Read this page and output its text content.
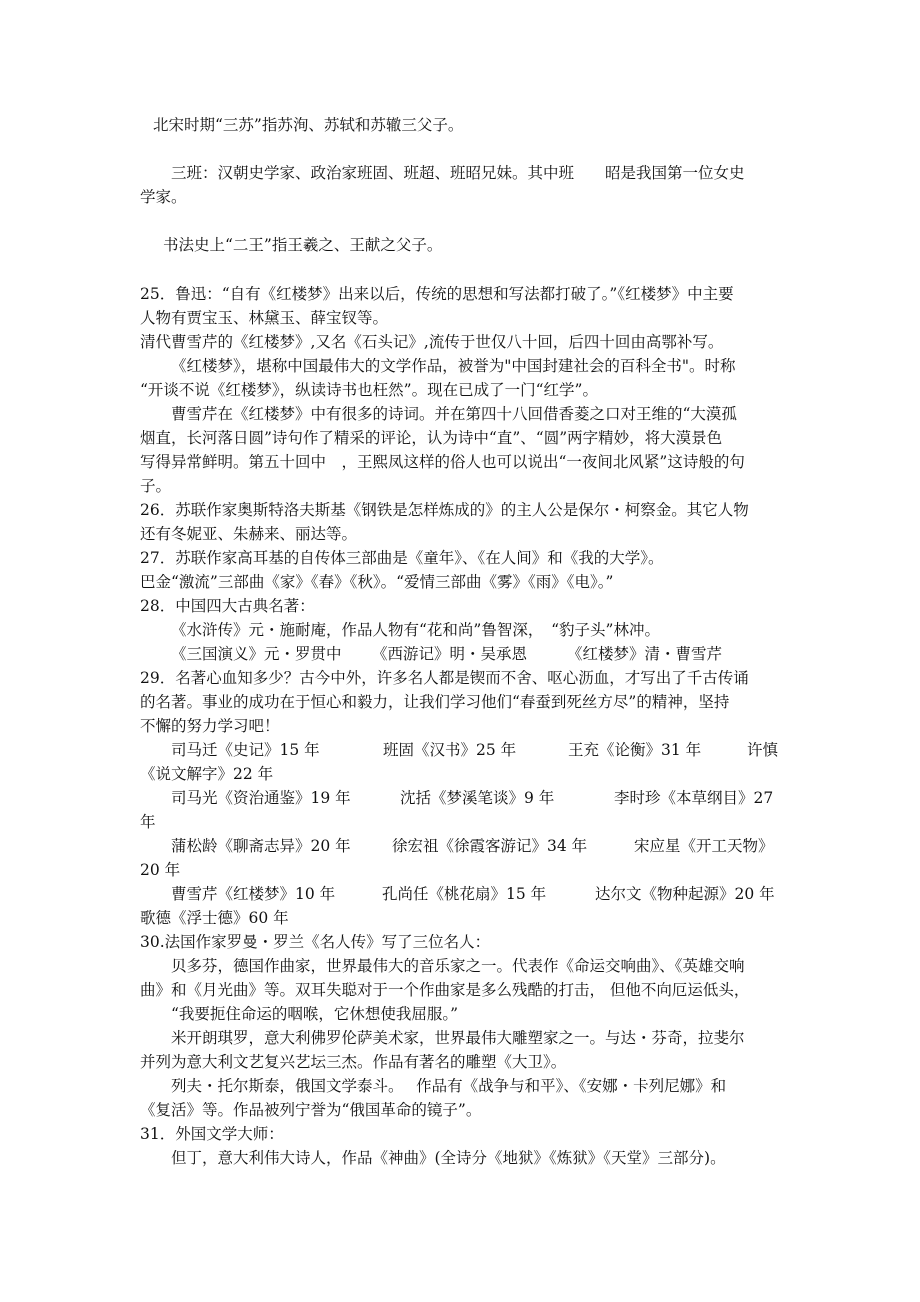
北宋时期“三苏”指苏洵、苏轼和苏辙三父子。
三班：汉朝史学家、政治家班固、班超、班昭兄妹。其中班　　昭是我国第一位女史
学家。
书法史上“二王”指王羲之、王献之父子。
25．鲁迅：“自有《红楼梦》出来以后，传统的思想和写法都打破了。”《红楼梦》中主要
人物有贾宝玉、林黛玉、薛宝钗等。
清代曹雪芹的《红楼梦》,又名《石头记》,流传于世仅八十回，后四十回由高鄂补写。
《红楼梦》，堪称中国最伟大的文学作品，被誉为"中国封建社会的百科全书"。时称
“开谈不说《红楼梦》，纵读诗书也枉然”。现在已成了一门“红学”。
曹雪芹在《红楼梦》中有很多的诗词。并在第四十八回借香菱之口对王维的“大漠孤
烟直，长河落日圆”诗句作了精采的评论，认为诗中“直”、“圆”两字精妙，将大漠景色
写得异常鲜明。第五十回中　，王熙凤这样的俗人也可以说出“一夜间北风紧”这诗般的句
子。
26．苏联作家奥斯特洛夫斯基《钢铁是怎样炼成的》的主人公是保尔・柯察金。其它人物
还有冬妮亚、朱赫来、丽达等。
27．苏联作家高耳基的自传体三部曲是《童年》、《在人间》和《我的大学》。
巴金“激流”三部曲《家》《春》《秋》。“爱情三部曲《雾》《雨》《电》。”
28．中国四大古典名著：
《水浒传》元・施耐庵，作品人物有“花和尚”鲁智深，　“豹子头”林冲。
《三国演义》元・罗贯中 《西游记》明・吴承恩	《红楼梦》清・曹雪芹
29．名著心血知多少？古今中外，许多名人都是锲而不舍、呕心沥血，才写出了千古传诵
的名著。事业的成功在于恒心和毅力，让我们学习他们“春蚕到死丝方尽”的精神，坚持
不懈的努力学习吧！
司马迁《史记》15 年	班固《汉书》25 年	王充《论衡》31 年	许慎
《说文解字》22 年
司马光《资治通鉴》19 年	沈括《梦溪笔谈》9 年	李时珍《本草纲目》27
年
蒲松龄《聊斋志异》20 年	徐宏祖《徐霞客游记》34 年	宋应星《开工天物》
20 年
曹雪芹《红楼梦》10 年	孔尚任《桃花扇》15 年	达尔文《物种起源》20 年
歌德《浮士德》60 年
30.法国作家罗曼・罗兰《名人传》写了三位名人：
贝多芬，德国作曲家，世界最伟大的音乐家之一。代表作《命运交响曲》、《英雄交响
曲》和《月光曲》等。双耳失聪对于一个作曲家是多么残酷的打击， 但他不向厄运低头，
“我要扼住命运的咽喉，它休想使我屈服。”
米开朗琪罗，意大利佛罗伦萨美术家，世界最伟大雕塑家之一。与达・芬奇，拉斐尔
并列为意大利文艺复兴艺坛三杰。作品有著名的雕塑《大卫》。
列夫・托尔斯泰，俄国文学泰斗。　 作品有《战争与和平》、《安娜・卡列尼娜》和
《复活》等。作品被列宁誉为“俄国革命的镜子”。
31．外国文学大师：
但丁，意大利伟大诗人，作品《神曲》(全诗分《地狱》《炼狱》《天堂》三部分)。
